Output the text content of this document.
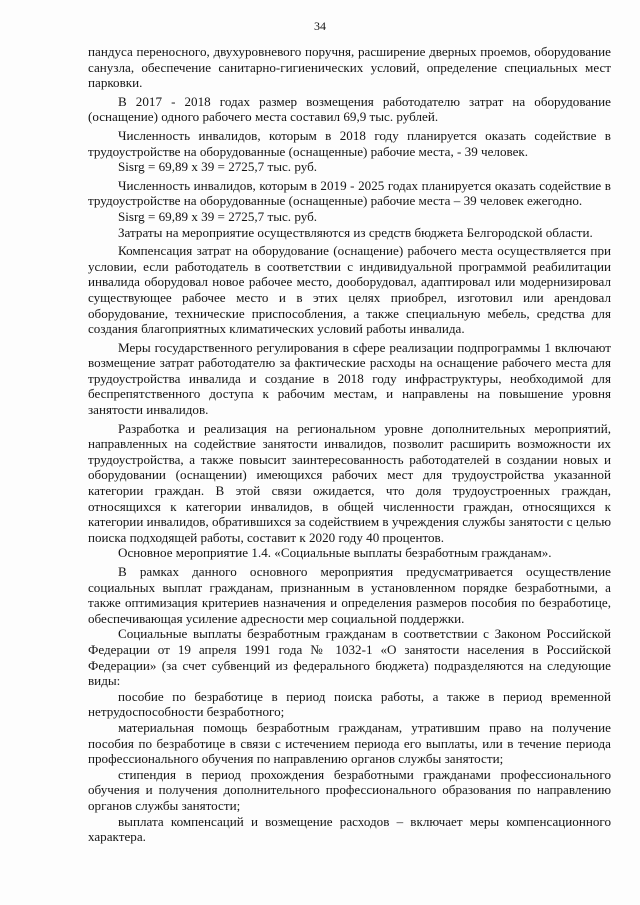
34

пандуса переносного, двухуровневого поручня, расширение дверных проемов, оборудование санузла, обеспечение санитарно-гигиенических условий, определение специальных мест парковки.

В 2017 - 2018 годах размер возмещения работодателю затрат на оборудование (оснащение) одного рабочего места составил 69,9 тыс. рублей.

Численность инвалидов, которым в 2018 году планируется оказать содействие в трудоустройстве на оборудованные (оснащенные) рабочие места, - 39 человек.

Sisrg = 69,89 x 39 = 2725,7 тыс. руб.

Численность инвалидов, которым в 2019 - 2025 годах планируется оказать содействие в трудоустройстве на оборудованные (оснащенные) рабочие места – 39 человек ежегодно.

Sisrg = 69,89 x 39 = 2725,7 тыс. руб.

Затраты на мероприятие осуществляются из средств бюджета Белгородской области.

Компенсация затрат на оборудование (оснащение) рабочего места осуществляется при условии, если работодатель в соответствии с индивидуальной программой реабилитации инвалида оборудовал новое рабочее место, дооборудовал, адаптировал или модернизировал существующее рабочее место и в этих целях приобрел, изготовил или арендовал оборудование, технические приспособления, а также специальную мебель, средства для создания благоприятных климатических условий работы инвалида.

Меры государственного регулирования в сфере реализации подпрограммы 1 включают возмещение затрат работодателю за фактические расходы на оснащение рабочего места для трудоустройства инвалида и создание в 2018 году инфраструктуры, необходимой для беспрепятственного доступа к рабочим местам, и направлены на повышение уровня занятости инвалидов.

Разработка и реализация на региональном уровне дополнительных мероприятий, направленных на содействие занятости инвалидов, позволит расширить возможности их трудоустройства, а также повысит заинтересованность работодателей в создании новых и оборудовании (оснащении) имеющихся рабочих мест для трудоустройства указанной категории граждан. В этой связи ожидается, что доля трудоустроенных граждан, относящихся к категории инвалидов, в общей численности граждан, относящихся к категории инвалидов, обратившихся за содействием в учреждения службы занятости с целью поиска подходящей работы, составит к 2020 году 40 процентов.

Основное мероприятие 1.4. «Социальные выплаты безработным гражданам».

В рамках данного основного мероприятия предусматривается осуществление социальных выплат гражданам, признанным в установленном порядке безработными, а также оптимизация критериев назначения и определения размеров пособия по безработице, обеспечивающая усиление адресности мер социальной поддержки.

Социальные выплаты безработным гражданам в соответствии с Законом Российской Федерации от 19 апреля 1991 года № 1032-1 «О занятости населения в Российской Федерации» (за счет субвенций из федерального бюджета) подразделяются на следующие виды:

пособие по безработице в период поиска работы, а также в период временной нетрудоспособности безработного;

материальная помощь безработным гражданам, утратившим право на получение пособия по безработице в связи с истечением периода его выплаты, или в течение периода профессионального обучения по направлению органов службы занятости;

стипендия в период прохождения безработными гражданами профессионального обучения и получения дополнительного профессионального образования по направлению органов службы занятости;

выплата компенсаций и возмещение расходов – включает меры компенсационного характера.
